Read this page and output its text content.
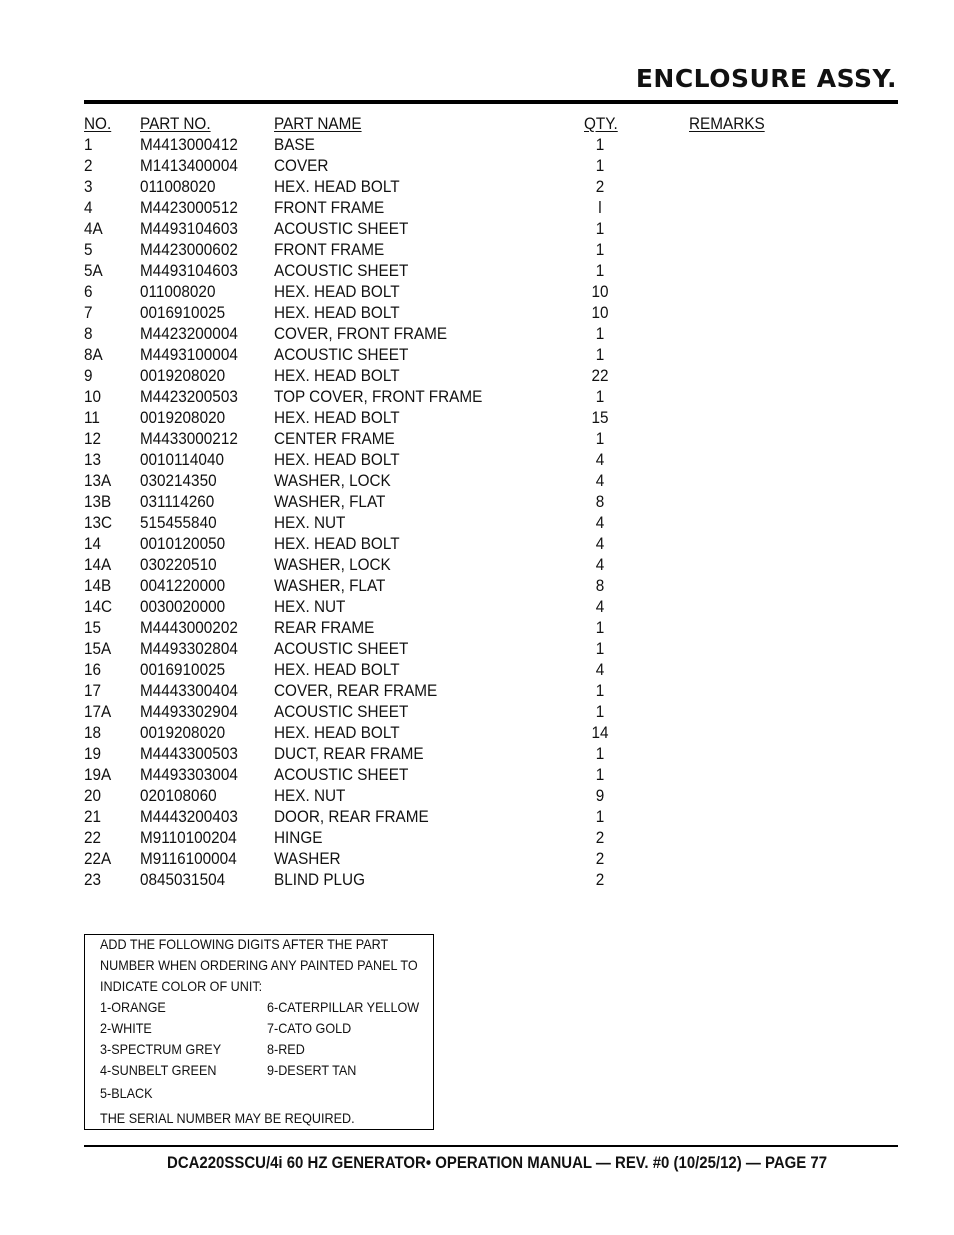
ENCLOSURE ASSY.
NO. PART NO.	PART NAME	QTY.	REMARKS
1	M4413000412 BASE	1
2	M1413400004 COVER	1
3	011008020	HEX. HEAD BOLT	2
4	M4423000512 FRONT FRAME	l
4A M4493104603 ACOUSTIC SHEET	1
5	M4423000602 FRONT FRAME	1
5A M4493104603 ACOUSTIC SHEET	1
6	011008020	HEX. HEAD BOLT	10
7	0016910025	HEX. HEAD BOLT	10
8	M4423200004 COVER, FRONT FRAME	1
8A M4493100004 ACOUSTIC SHEET	1
9	0019208020	HEX. HEAD BOLT	22
10 M4423200503 TOP COVER, FRONT FRAME	1
11 0019208020	HEX. HEAD BOLT	15
12 M4433000212 CENTER FRAME	1
13 0010114040	HEX. HEAD BOLT	4
13A 030214350	WASHER, LOCK	4
13B 031114260	WASHER, FLAT	8
13C 515455840	HEX. NUT	4
14 0010120050	HEX. HEAD BOLT	4
14A 030220510	WASHER, LOCK	4
14B 0041220000	WASHER, FLAT	8
14C 0030020000	HEX. NUT	4
15 M4443000202 REAR FRAME	1
15A M4493302804 ACOUSTIC SHEET	1
16 0016910025	HEX. HEAD BOLT	4
17 M4443300404 COVER, REAR FRAME	1
17A M4493302904 ACOUSTIC SHEET	1
18 0019208020	HEX. HEAD BOLT	14
19 M4443300503 DUCT, REAR FRAME	1
19A M4493303004 ACOUSTIC SHEET	1
20 020108060	HEX. NUT	9
21 M4443200403 DOOR, REAR FRAME	1
22 M9110100204 HINGE	2
22A M9116100004 WASHER	2
23 0845031504	BLIND PLUG	2
ADD THE FOLLOWING DIGITS AFTER THE PART
NUMBER WHEN ORDERING ANY PAINTED PANEL TO
INDICATE COLOR OF UNIT:
1-ORANGE	6-CATERPILLAR YELLOW
2-WHITE	7-CATO GOLD
3-SPECTRUM GREY	8-RED
4-SUNBELT GREEN	9-DESERT TAN
5-BLACK
THE SERIAL NUMBER MAY BE REQUIRED.
DCA220SSCU/4i 60 HZ GENERATOR• OPERATION MANUAL — REV. #0 (10/25/12) — PAGE 77
